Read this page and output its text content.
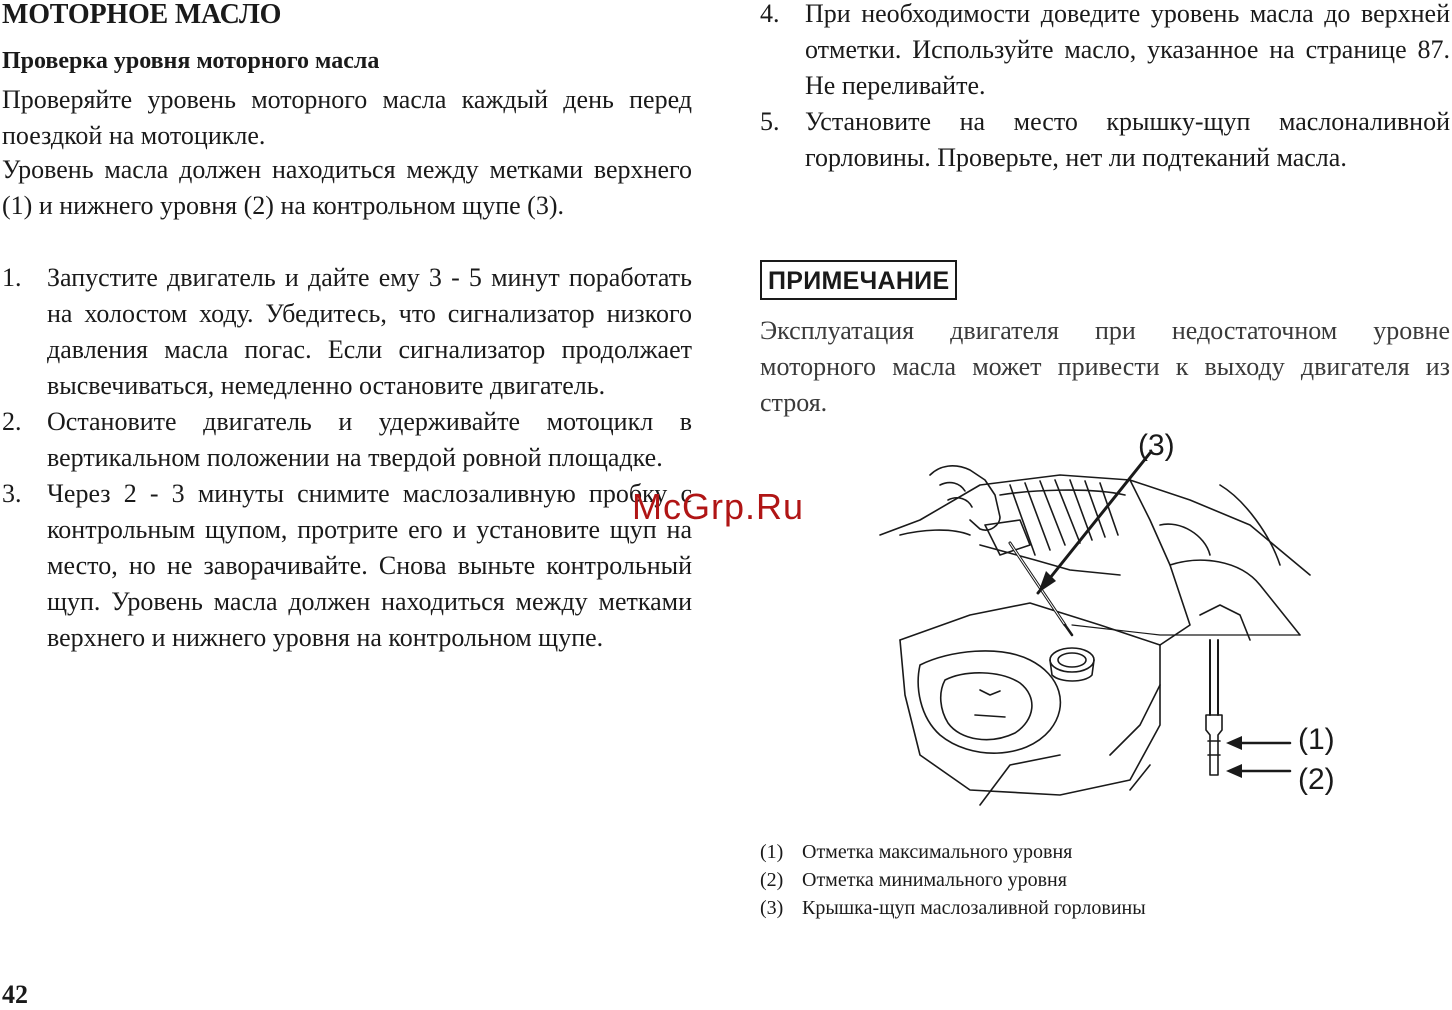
МОТОРНОЕ МАСЛО
Проверка уровня моторного масла

Проверяйте уровень моторного масла каждый день перед поездкой на мотоцикле.

Уровень масла должен находиться между метками верхнего (1) и нижнего уровня (2) на контрольном щупе (3).

1. Запустите двигатель и дайте ему 3 - 5 минут поработать на холостом ходу. Убедитесь, что сигнализатор низкого давления масла погас. Если сигнализатор продолжает высвечиваться, немедленно остановите двигатель.
2. Остановите двигатель и удерживайте мотоцикл в вертикальном положении на твердой ровной площадке.
3. Через 2 - 3 минуты снимите маслозаливную пробку с контрольным щупом, протрите его и установите щуп на место, но не заворачивайте. Снова выньте контрольный щуп. Уровень масла должен находиться между метками верхнего и нижнего уровня на контрольном щупе.
4. При необходимости доведите уровень масла до верхней отметки. Используйте масло, указанное на странице 87. Не переливайте.
5. Установите на место крышку-щуп маслоналивной горловины. Проверьте, нет ли подтеканий масла.
ПРИМЕЧАНИЕ

Эксплуатация двигателя при недостаточном уровне моторного масла может привести к выходу двигателя из строя.

(3)
(1)
(2)
(1) Отметка максимального уровня
(2) Отметка минимального уровня
(3) Крышка-щуп маслозаливной горловины
McGrp.Ru
42
